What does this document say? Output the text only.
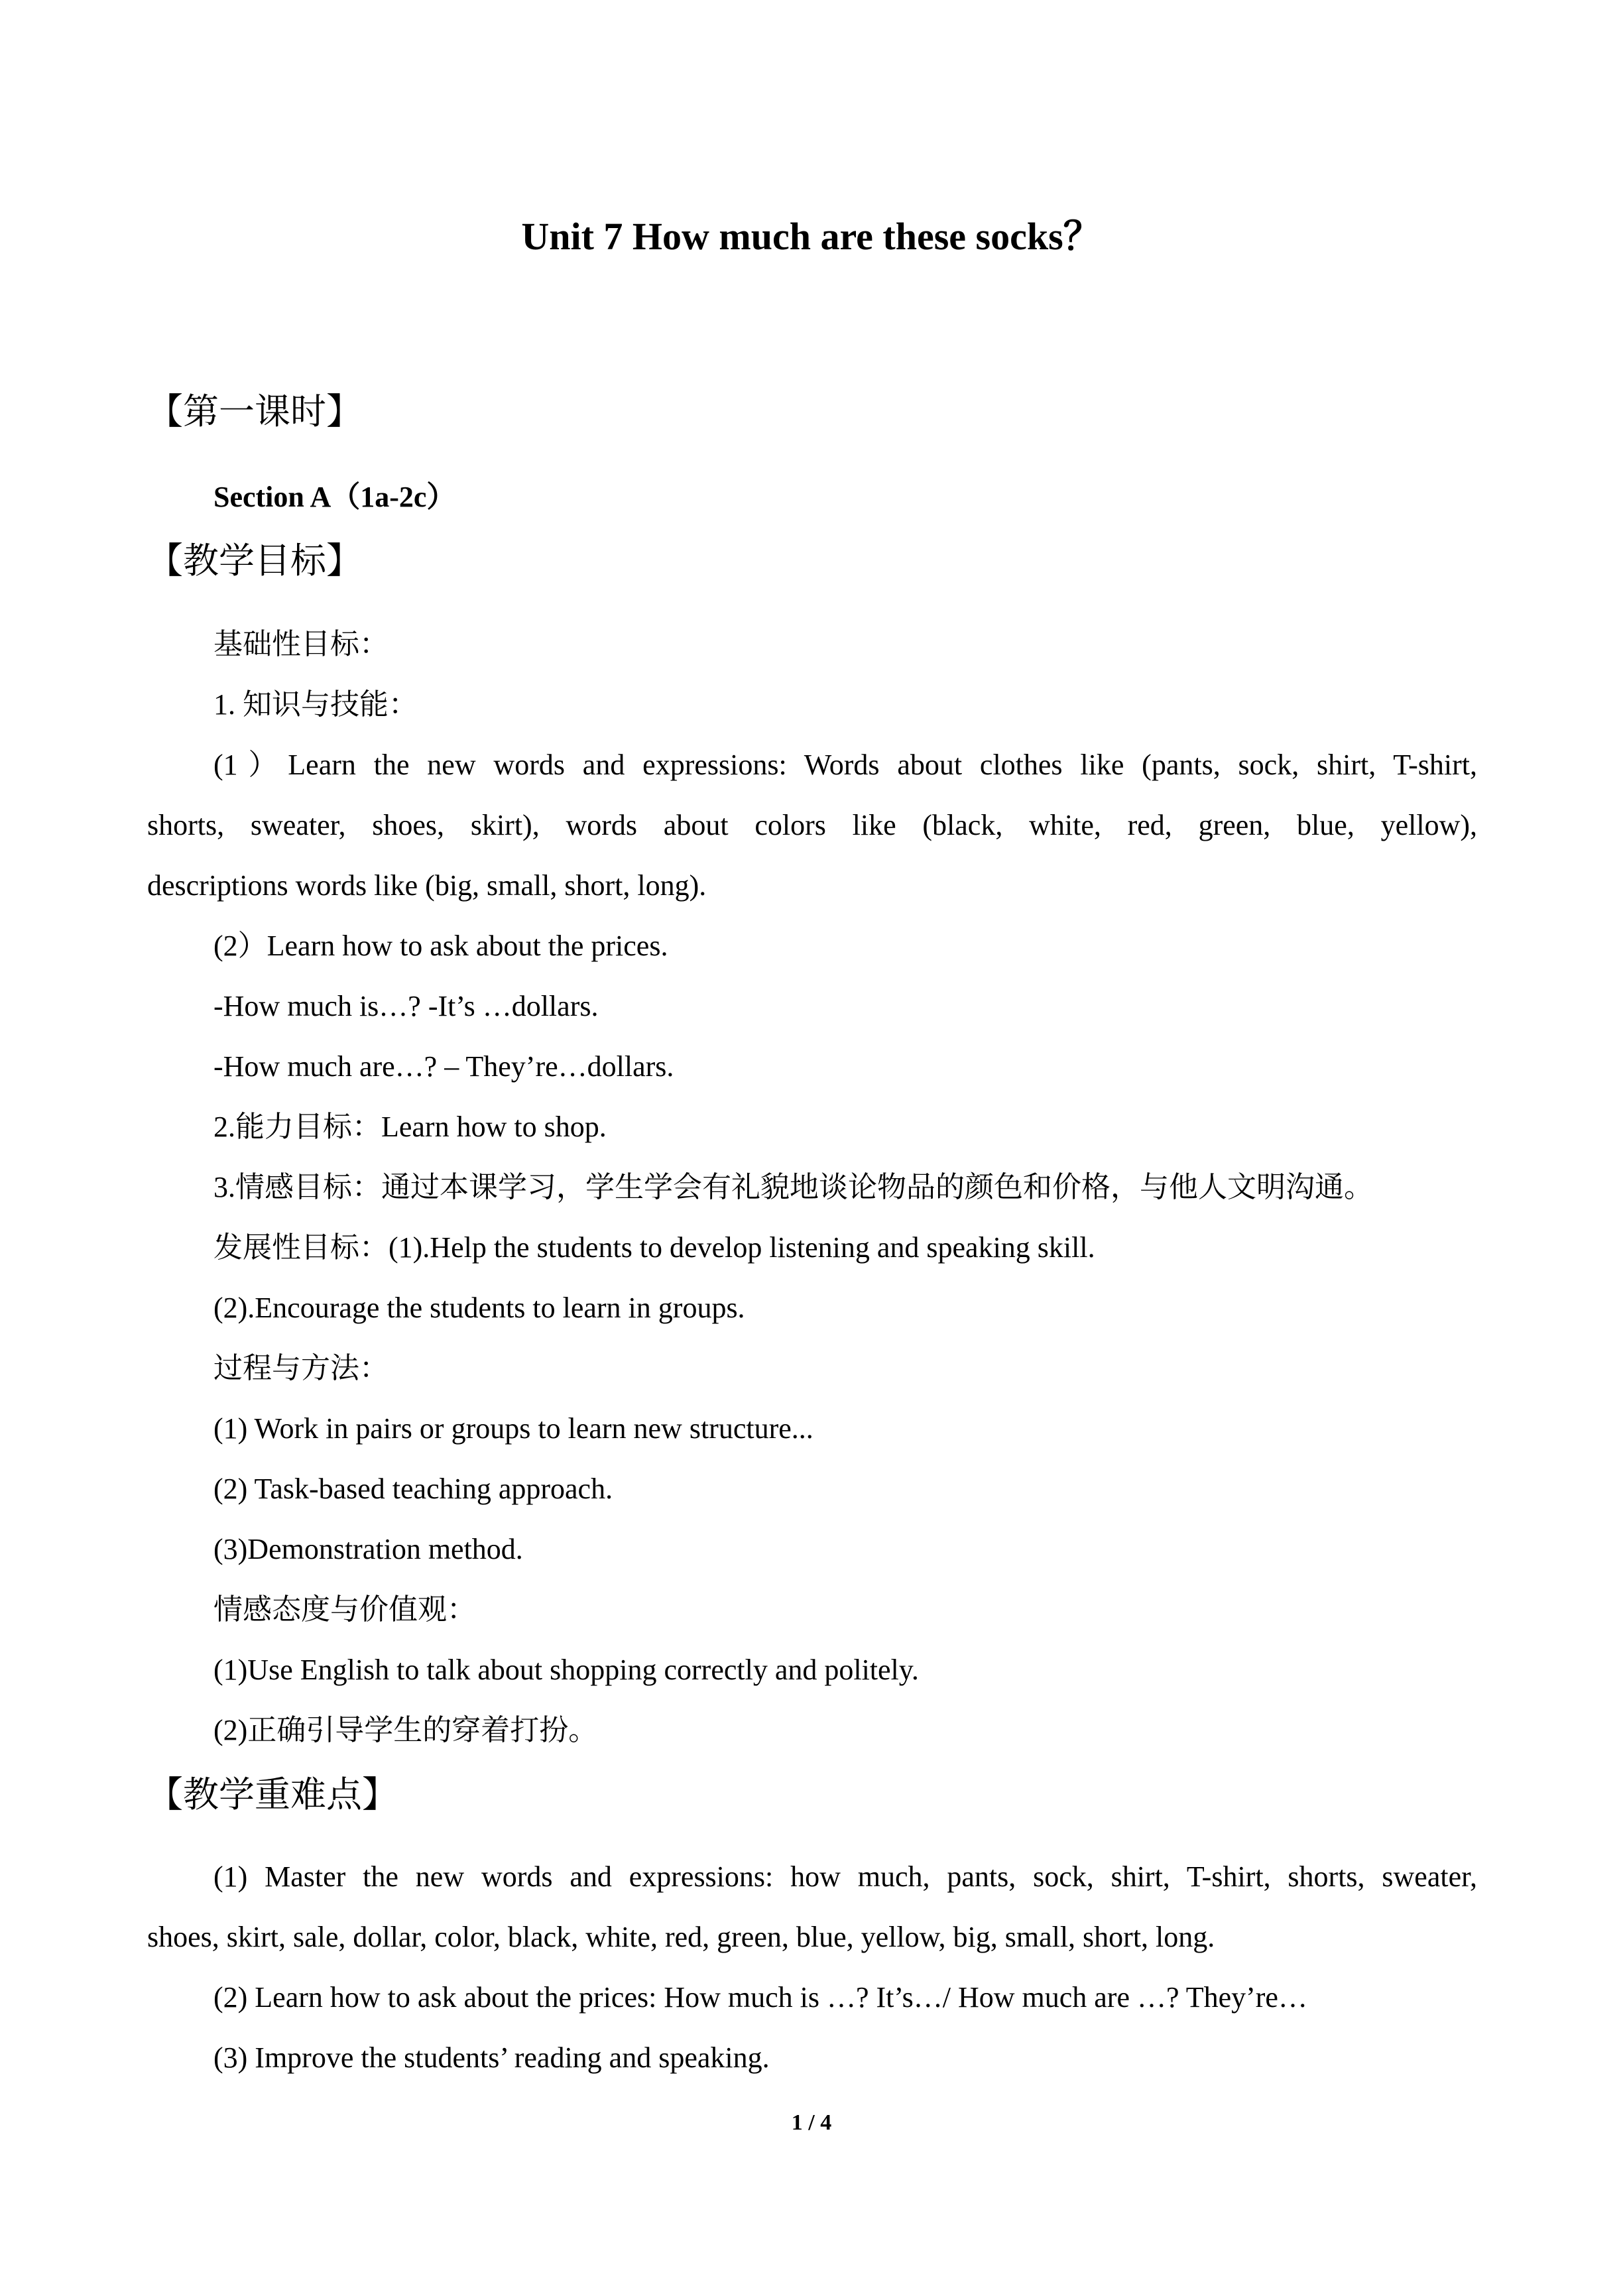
Unit 7 How much are these socks？
【第一课时】
Section A（1a-2c）
【教学目标】
基础性目标：
1. 知识与技能：
(1）Learn the new words and expressions: Words about clothes like (pants, sock, shirt, T-shirt,
shorts, sweater, shoes, skirt), words about colors like (black, white, red, green, blue, yellow),
descriptions words like (big, small, short, long).
(2）Learn how to ask about the prices.
-How much is…? -It’s …dollars.
-How much are…? – They’re…dollars.
2.能力目标：Learn how to shop.
3.情感目标：通过本课学习，学生学会有礼貌地谈论物品的颜色和价格，与他人文明沟通。
发展性目标：(1).Help the students to develop listening and speaking skill.
(2).Encourage the students to learn in groups.
过程与方法：
(1) Work in pairs or groups to learn new structure...
(2) Task-based teaching approach.
(3)Demonstration method.
情感态度与价值观：
(1)Use English to talk about shopping correctly and politely.
(2)正确引导学生的穿着打扮。
【教学重难点】
(1) Master the new words and expressions: how much, pants, sock, shirt, T-shirt, shorts, sweater,
shoes, skirt, sale, dollar, color, black, white, red, green, blue, yellow, big, small, short, long.
(2) Learn how to ask about the prices: How much is …? It’s…/ How much are …? They’re…
(3) Improve the students’ reading and speaking.
1 / 4
